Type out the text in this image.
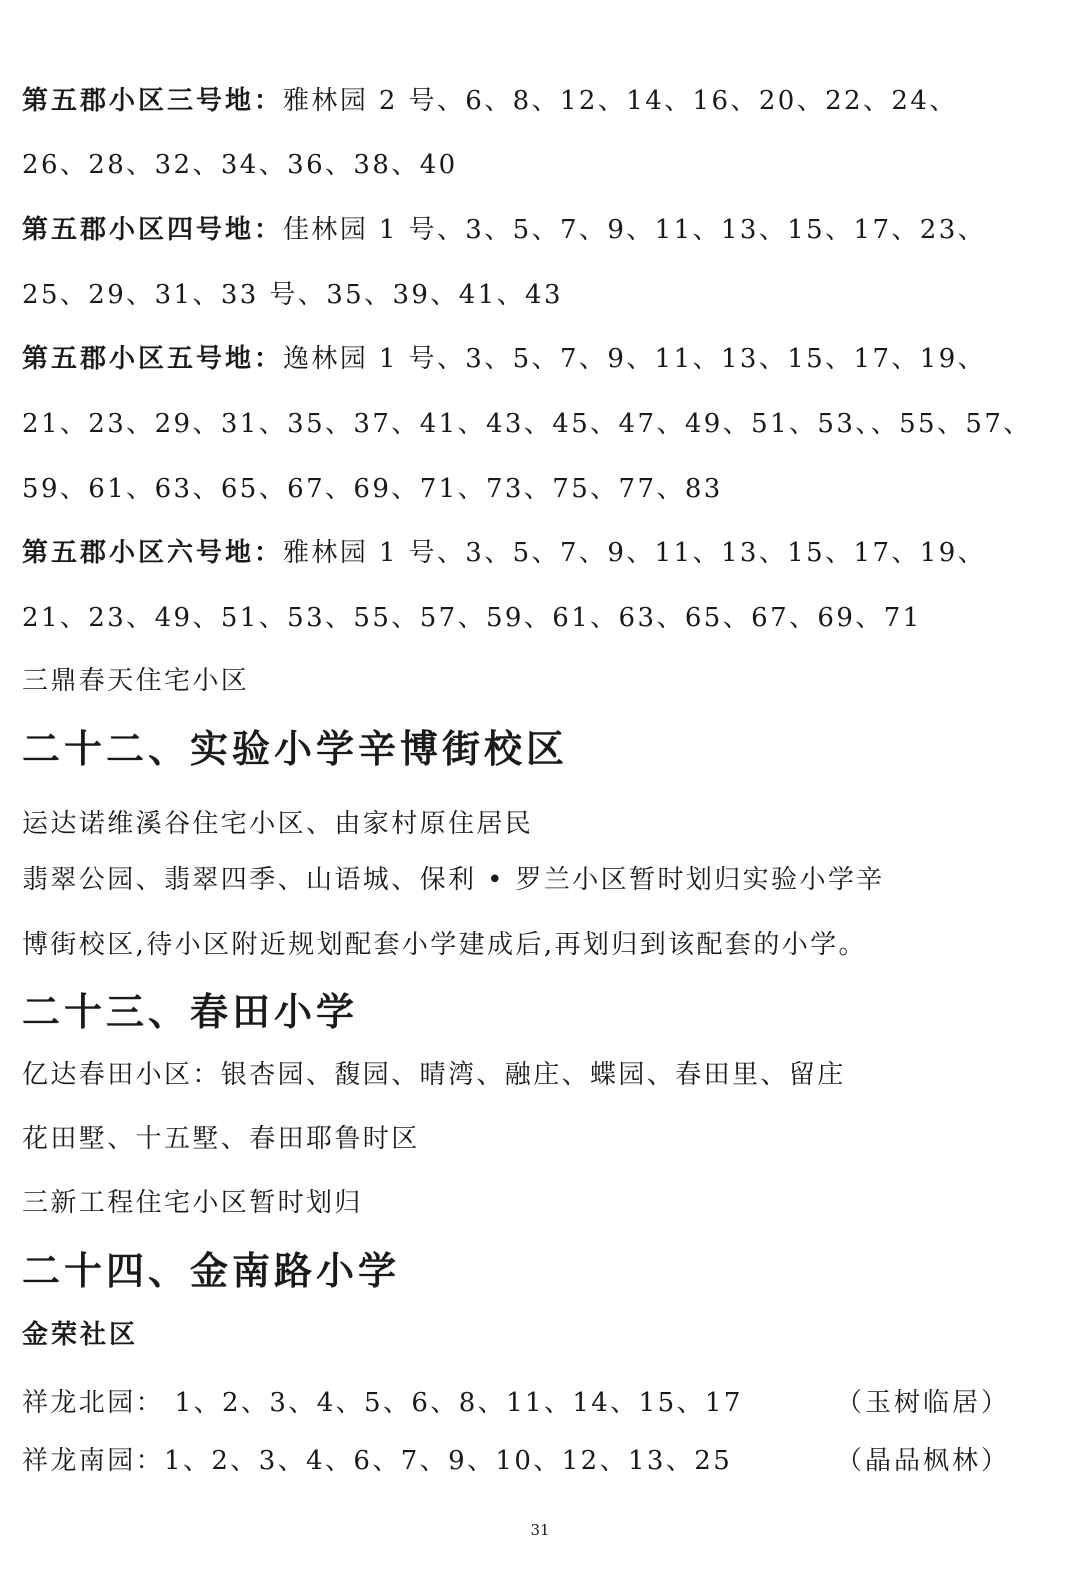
第五郡小区三号地：雅林园 2 号、6、8、12、14、16、20、22、24、
26、28、32、34、36、38、40
第五郡小区四号地：佳林园 1 号、3、5、7、9、11、13、15、17、23、
25、29、31、33 号、35、39、41、43
第五郡小区五号地：逸林园 1 号、3、5、7、9、11、13、15、17、19、
21、23、29、31、35、37、41、43、45、47、49、51、53、、55、57、
59、61、63、65、67、69、71、73、75、77、83
第五郡小区六号地：雅林园 1 号、3、5、7、9、11、13、15、17、19、
21、23、49、51、53、55、57、59、61、63、65、67、69、71
三鼎春天住宅小区
二十二、实验小学辛博街校区
运达诺维溪谷住宅小区、由家村原住居民
翡翠公园、翡翠四季、山语城、保利 • 罗兰小区暂时划归实验小学辛
博街校区,待小区附近规划配套小学建成后,再划归到该配套的小学。
二十三、春田小学
亿达春田小区：银杏园、馥园、晴湾、融庄、蝶园、春田里、留庄
花田墅、十五墅、春田耶鲁时区
三新工程住宅小区暂时划归
二十四、金南路小学
金荣社区
祥龙北园： 1、2、3、4、5、6、8、11、14、15、17	（玉树临居）
祥龙南园：1、2、3、4、6、7、9、10、12、13、25	（晶品枫林）
31
